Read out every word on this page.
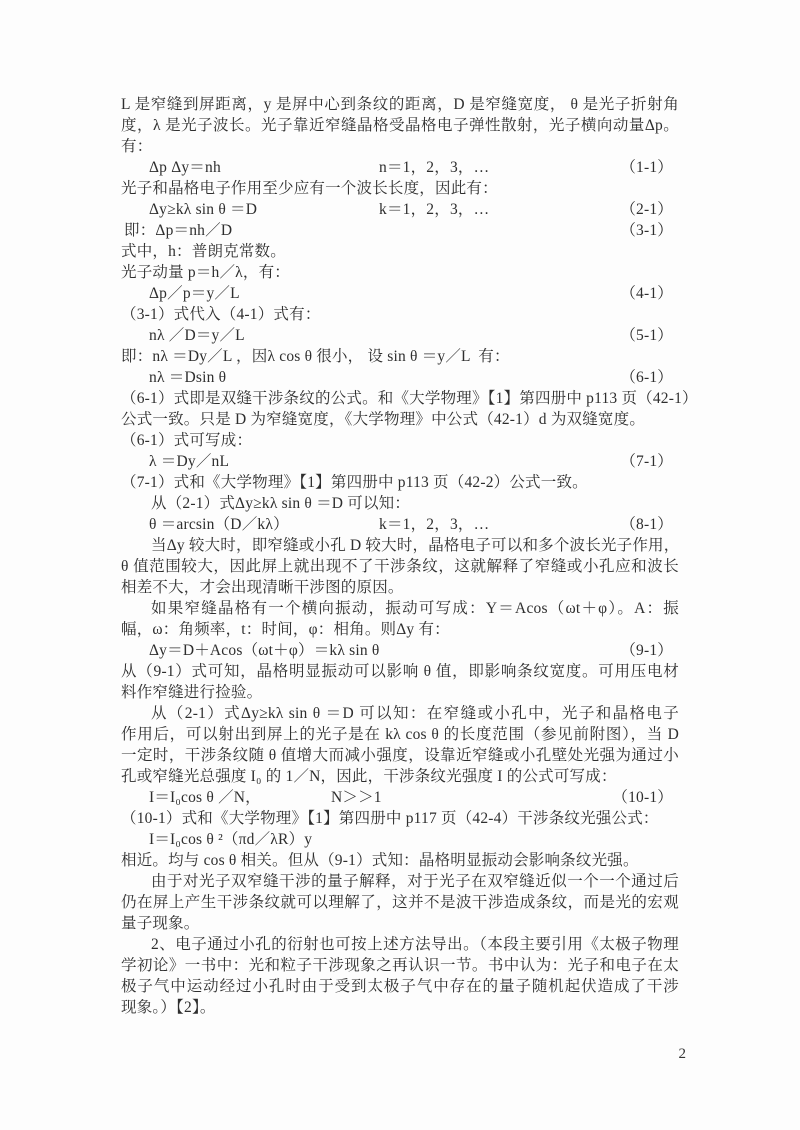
L 是窄缝到屏距离，y 是屏中心到条纹的距离，D 是窄缝宽度， θ 是光子折射角
度，λ 是光子波长。光子靠近窄缝晶格受晶格电子弹性散射，光子横向动量Δp。
有：
Δp Δy＝nh	n＝1，2，3，…	（1-1）
光子和晶格电子作用至少应有一个波长长度，因此有：
Δy≥kλ sin θ ＝D	k＝1，2，3，…	（2-1）
即：Δp＝nh／D	（3-1）
式中，h：普朗克常数。
光子动量 p＝h／λ，有：
Δp／p＝y／L	（4-1）
（3-1）式代入（4-1）式有：
nλ ／D＝y／L	（5-1）
即：nλ ＝Dy／L ，因λ cos θ 很小， 设 sin θ ＝y／L  有：
nλ ＝Dsin θ	（6-1）
（6-1）式即是双缝干涉条纹的公式。和《大学物理》【1】第四册中 p113 页（42-1）
公式一致。只是 D 为窄缝宽度，《大学物理》中公式（42-1）d 为双缝宽度。
（6-1）式可写成：
λ ＝Dy／nL	（7-1）
（7-1）式和《大学物理》【1】第四册中 p113 页（42-2）公式一致。
从（2-1）式Δy≥kλ sin θ ＝D 可以知：
θ ＝arcsin（D／kλ）	k＝1，2，3，…	（8-1）
当Δy 较大时，即窄缝或小孔 D 较大时，晶格电子可以和多个波长光子作用，
θ 值范围较大，因此屏上就出现不了干涉条纹，这就解释了窄缝或小孔应和波长
相差不大，才会出现清晰干涉图的原因。
如果窄缝晶格有一个横向振动，振动可写成：Y＝Acos（ωt＋φ）。A：振
幅，ω：角频率，t：时间，φ：相角。则Δy 有：
Δy＝D＋Acos（ωt＋φ）＝kλ sin θ	（9-1）
从（9-1）式可知，晶格明显振动可以影响 θ 值，即影响条纹宽度。可用压电材
料作窄缝进行捡验。
从（2-1）式Δy≥kλ sin θ ＝D 可以知：在窄缝或小孔中，光子和晶格电子
作用后，可以射出到屏上的光子是在 kλ cos θ 的长度范围（参见前附图），当 D
一定时，干涉条纹随 θ 值增大而减小强度，设靠近窄缝或小孔壁处光强为通过小
孔或窄缝光总强度 I₀ 的 1／N，因此，干涉条纹光强度 I 的公式可写成：
I＝I₀cos θ ／N，	N＞＞1	（10-1）
（10-1）式和《大学物理》【1】第四册中 p117 页（42-4）干涉条纹光强公式：
I＝I₀cos θ ²（πd／λR）y
相近。均与 cos θ 相关。但从（9-1）式知：晶格明显振动会影响条纹光强。
由于对光子双窄缝干涉的量子解释，对于光子在双窄缝近似一个一个通过后
仍在屏上产生干涉条纹就可以理解了，这并不是波干涉造成条纹，而是光的宏观
量子现象。
2、电子通过小孔的衍射也可按上述方法导出。（本段主要引用《太极子物理
学初论》一书中：光和粒子干涉现象之再认识一节。书中认为：光子和电子在太
极子气中运动经过小孔时由于受到太极子气中存在的量子随机起伏造成了干涉
现象。）【2】。
2
